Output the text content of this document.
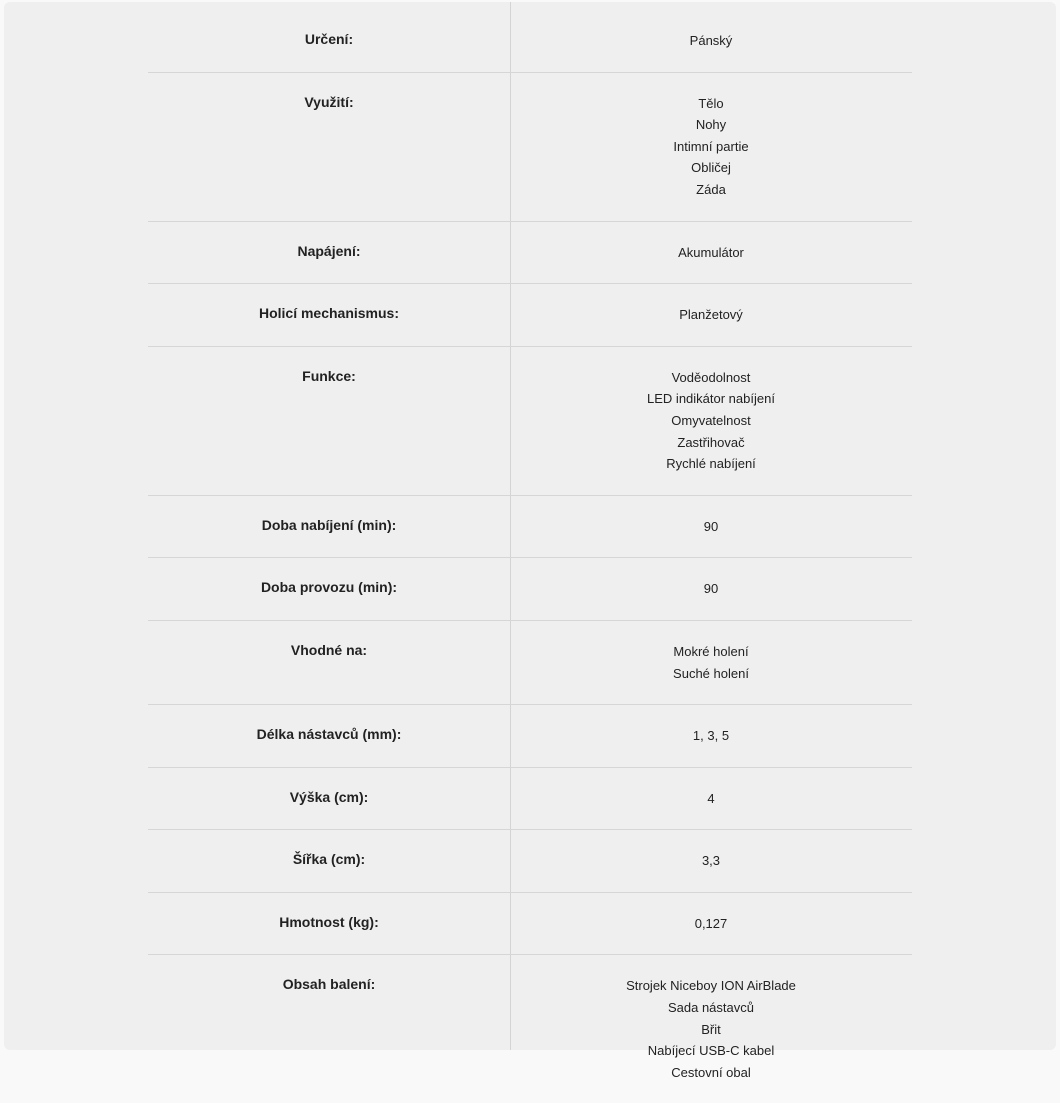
Určení:	Pánský

Využití:	Tělo
Nohy
Intimní partie
Obličej
Záda

Napájení:	Akumulátor

Holicí mechanismus:	Planžetový

Funkce:	Voděodolnost
LED indikátor nabíjení
Omyvatelnost
Zastřihovač
Rychlé nabíjení

Doba nabíjení (min):	90

Doba provozu (min):	90

Vhodné na:	Mokré holení
Suché holení

Délka nástavců (mm):	1, 3, 5

Výška (cm):	4

Šířka (cm):	3,3

Hmotnost (kg):	0,127

Obsah balení:	Strojek Niceboy ION AirBlade
Sada nástavců
Břit
Nabíjecí USB-C kabel
Cestovní obal
